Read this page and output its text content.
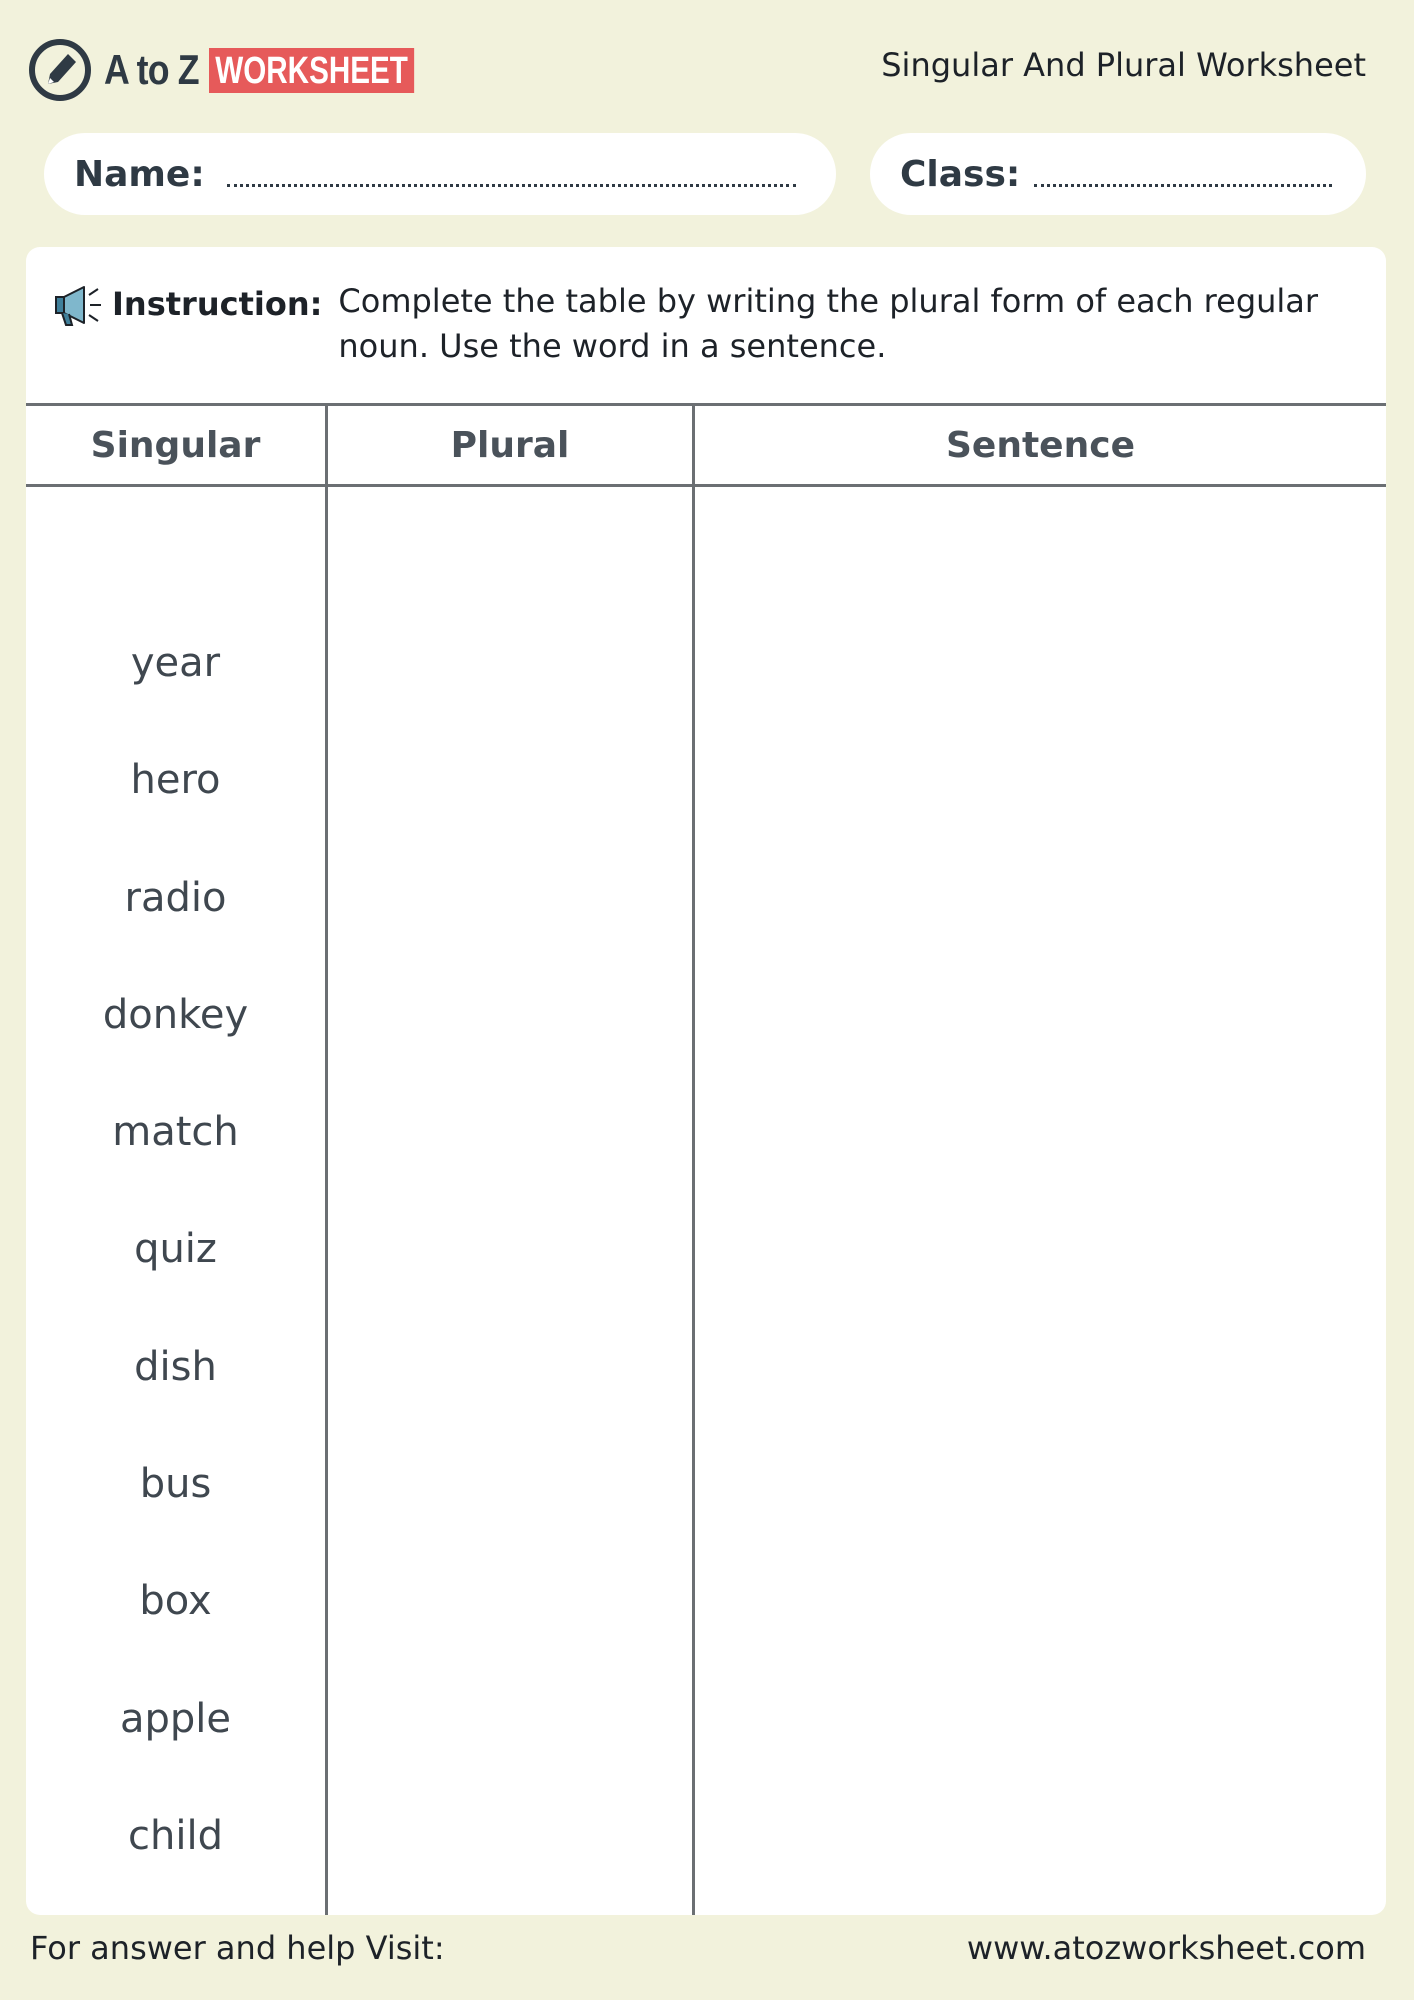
A to Z WORKSHEET	Singular And Plural Worksheet
Name:	Class:
Instruction: Complete the table by writing the plural form of each regular noun. Use the word in a sentence.
Singular	Plural	Sentence

year		
hero		
radio		
donkey		
match		
quiz		
dish		
bus		
box		
apple		
child		

For answer and help Visit:	www.atozworksheet.com
